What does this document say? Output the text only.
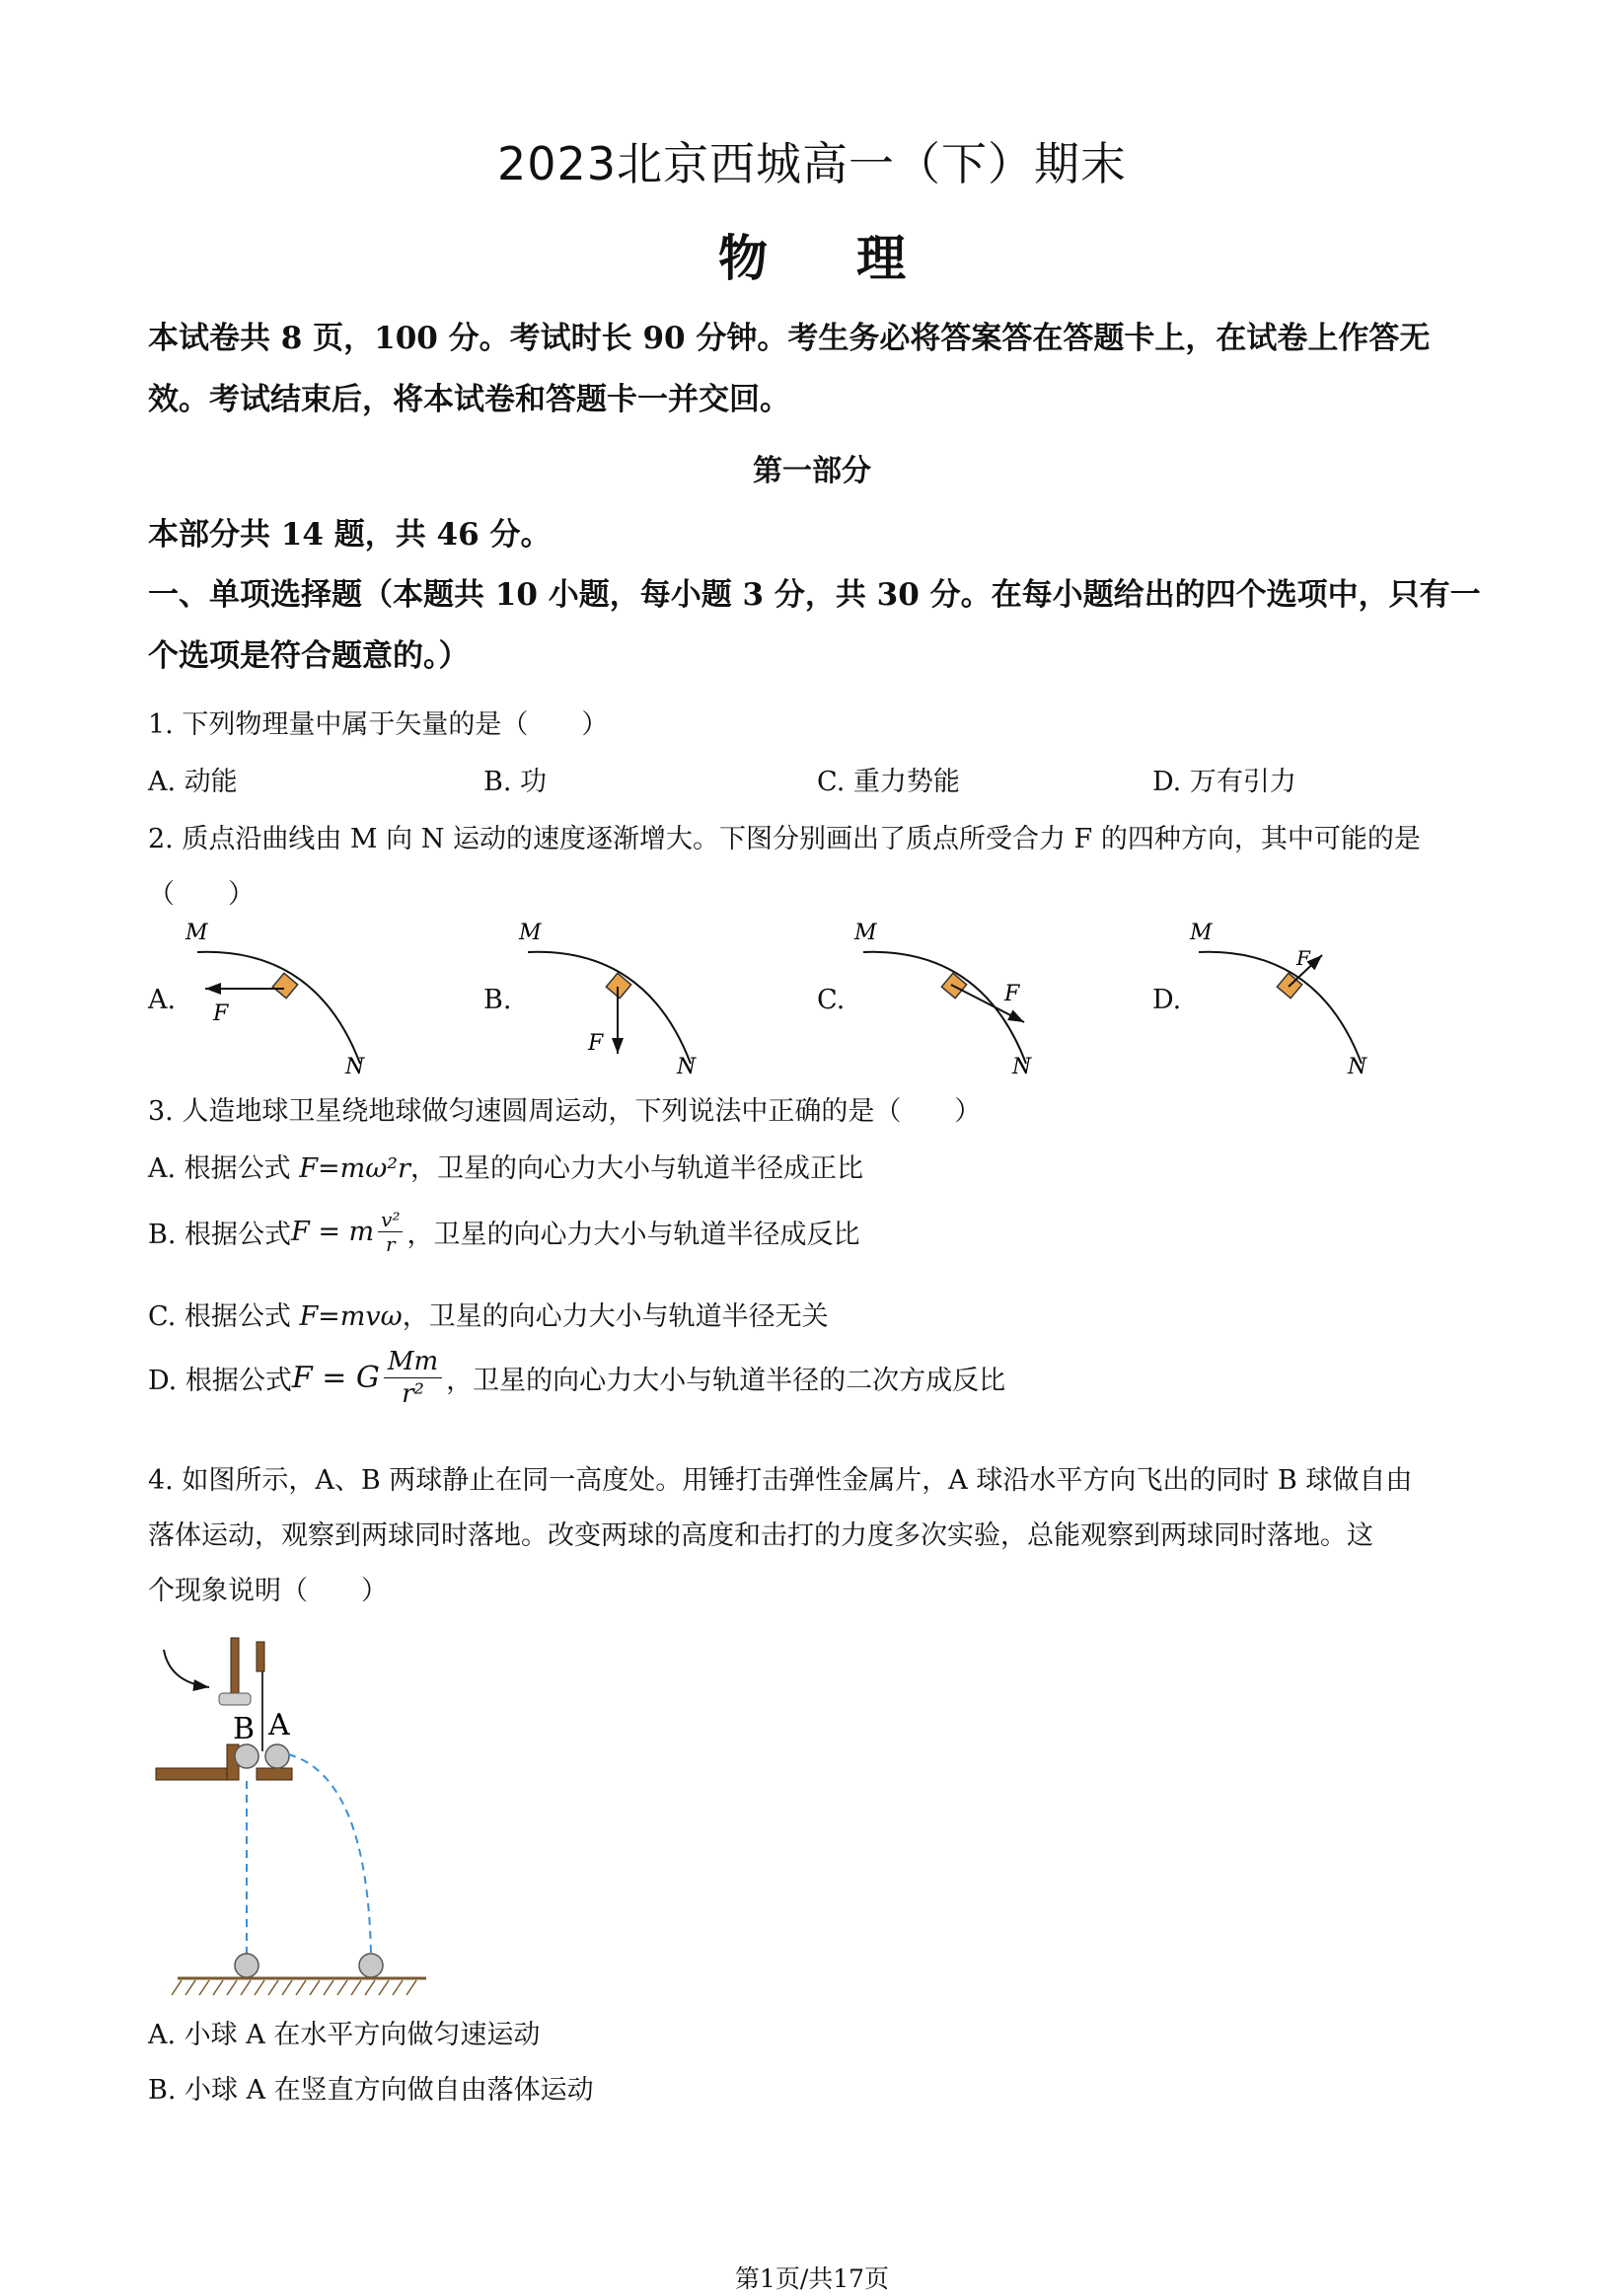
2023北京西城高一（下）期末
物理
本试卷共 8 页，100 分。考试时长 90 分钟。考生务必将答案答在答题卡上，在试卷上作答无效。考试结束后，将本试卷和答题卡一并交回。
第一部分
本部分共 14 题，共 46 分。
一、单项选择题（本题共 10 小题，每小题 3 分，共 30 分。在每小题给出的四个选项中，只有一个选项是符合题意的。）
1. 下列物理量中属于矢量的是（　　）
A. 动能	B. 功	C. 重力势能	D. 万有引力
2. 质点沿曲线由 M 向 N 运动的速度逐渐增大。下图分别画出了质点所受合力 F 的四种方向，其中可能的是
（　　）
A.	B.	C.	D.
M
F
N
M
F
N
M
F
N
M
F
N
3. 人造地球卫星绕地球做匀速圆周运动，下列说法中正确的是（　　）
A. 根据公式 F=mω²r，卫星的向心力大小与轨道半径成正比
B. 根据公式 F = m v²
r ，卫星的向心力大小与轨道半径成反比
C. 根据公式 F=mvω，卫星的向心力大小与轨道半径无关
D. 根据公式 F = G Mm
r² ，卫星的向心力大小与轨道半径的二次方成反比
4. 如图所示，A、B 两球静止在同一高度处。用锤打击弹性金属片，A 球沿水平方向飞出的同时 B 球做自由
落体运动，观察到两球同时落地。改变两球的高度和击打的力度多次实验，总能观察到两球同时落地。这
个现象说明（　　）
B A
A. 小球 A 在水平方向做匀速运动
B. 小球 A 在竖直方向做自由落体运动
第1页/共17页
